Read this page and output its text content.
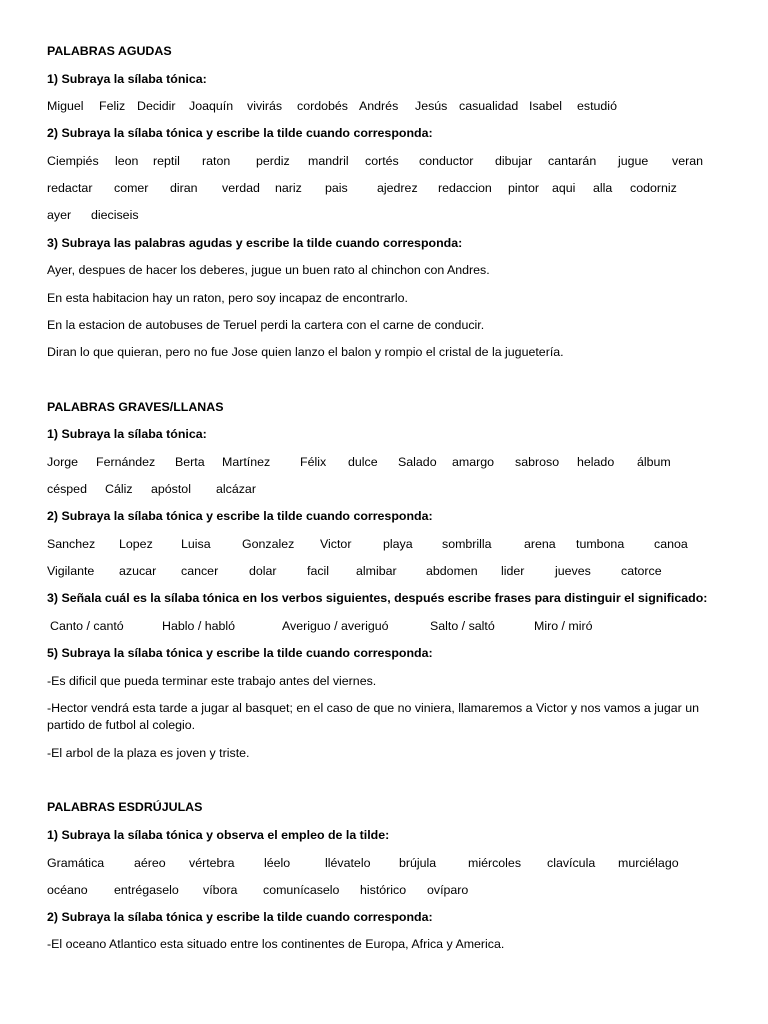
PALABRAS AGUDAS
1) Subraya la sílaba tónica:
Miguel Feliz Decidir Joaquín vivirás cordobés Andrés Jesús casualidad Isabel estudió
2) Subraya la sílaba tónica y escribe la tilde cuando corresponda:
Ciempiés leon reptil raton perdiz mandril cortés conductor dibujar cantarán jugue veran
redactar comer diran verdad nariz pais ajedrez redaccion pintor aqui alla codorniz
ayer dieciseis
3) Subraya las palabras agudas y escribe la tilde cuando corresponda:
Ayer, despues de hacer los deberes, jugue un buen rato al chinchon con Andres.
En esta habitacion hay un raton, pero soy incapaz de encontrarlo.
En la estacion de autobuses de Teruel perdi la cartera con el carne de conducir.
Diran lo que quieran, pero no fue Jose quien lanzo el balon y rompio el cristal de la juguetería.
PALABRAS GRAVES/LLANAS
1) Subraya la sílaba tónica:
Jorge Fernández Berta Martínez Félix dulce Salado amargo sabroso helado álbum
césped Cáliz apóstol alcázar
2) Subraya la sílaba tónica y escribe la tilde cuando corresponda:
Sanchez Lopez Luisa	Gonzalez Victor	playa sombrilla	arena tumbona canoa
Vigilante azucar cancer dolar facil almibar abdomen lider jueves catorce
3) Señala cuál es la sílaba tónica en los verbos siguientes, después escribe frases para distinguir el significado:
Canto / cantó	Hablo / habló	Averiguo / averiguó	Salto / saltó	Miro / miró
5) Subraya la sílaba tónica y escribe la tilde cuando corresponda:
-Es dificil que pueda terminar este trabajo antes del viernes.
-Hector vendrá esta tarde a jugar al basquet; en el caso de que no viniera, llamaremos a Victor y nos vamos a jugar un partido de futbol al colegio.
-El arbol de la plaza es joven y triste.
PALABRAS ESDRÚJULAS
1) Subraya la sílaba tónica y observa el empleo de la tilde:
Gramática aéreo vértebra léelo	llévatelo brújula	miércoles clavícula murciélago
océano entrégaselo víbora comunícaselo histórico ovíparo
2) Subraya la sílaba tónica y escribe la tilde cuando corresponda:
-El oceano Atlantico esta situado entre los continentes de Europa, Africa y America.
